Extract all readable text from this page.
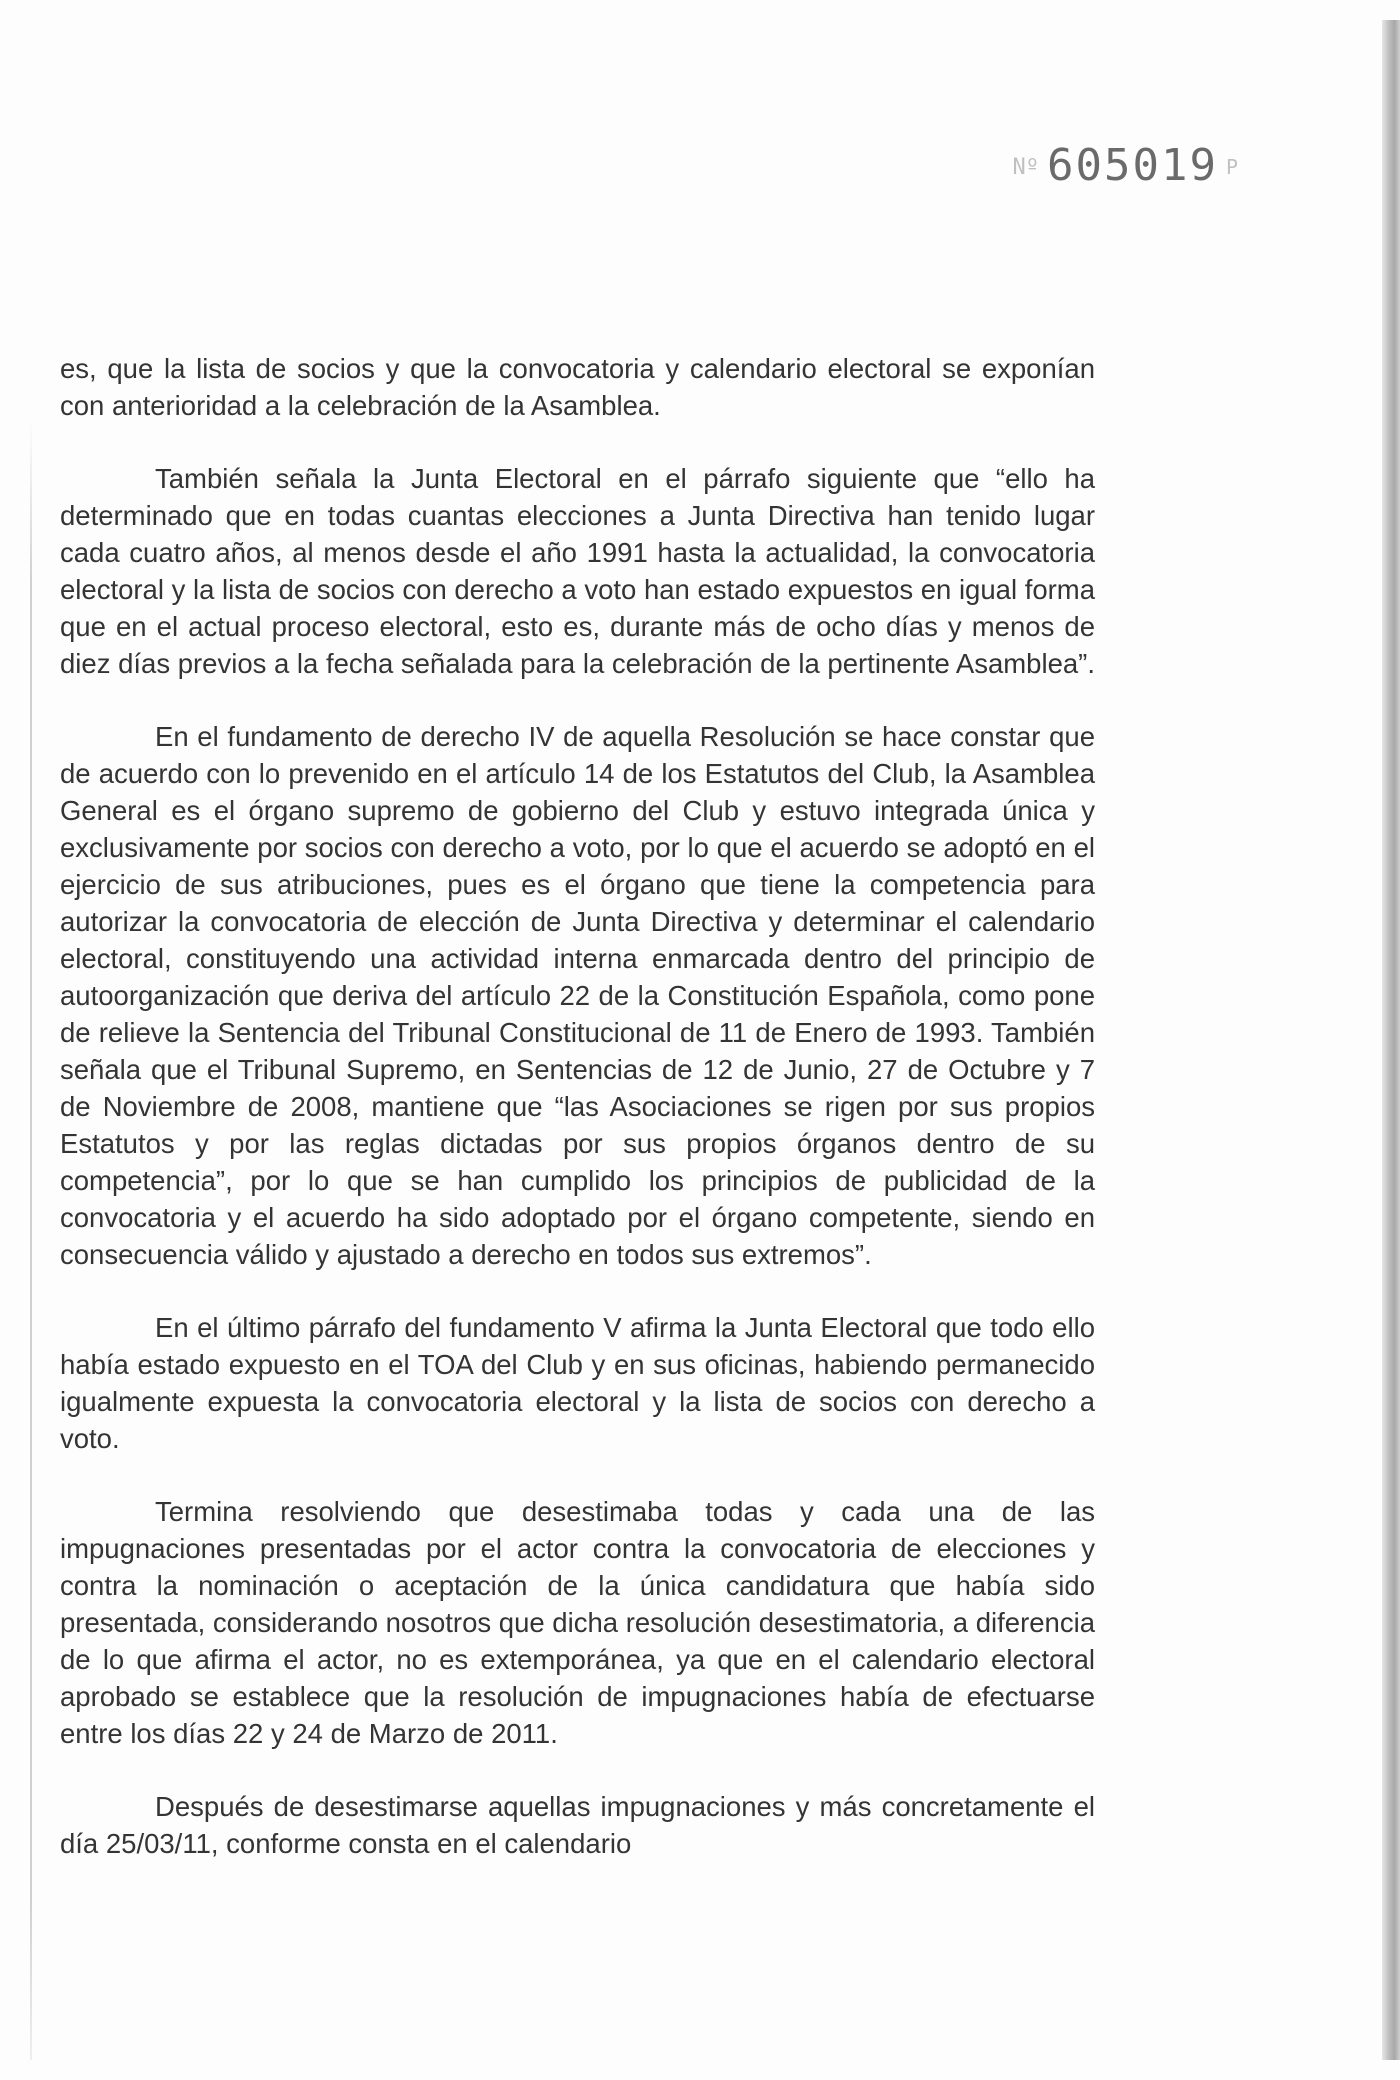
Nº 605019 P

es, que la lista de socios y que la convocatoria y calendario electoral se exponían con anterioridad a la celebración de la Asamblea.

También señala la Junta Electoral en el párrafo siguiente que “ello ha determinado que en todas cuantas elecciones a Junta Directiva han tenido lugar cada cuatro años, al menos desde el año 1991 hasta la actualidad, la convocatoria electoral y la lista de socios con derecho a voto han estado expuestos en igual forma que en el actual proceso electoral, esto es, durante más de ocho días y menos de diez días previos a la fecha señalada para la celebración de la pertinente Asamblea”.

En el fundamento de derecho IV de aquella Resolución se hace constar que de acuerdo con lo prevenido en el artículo 14 de los Estatutos del Club, la Asamblea General es el órgano supremo de gobierno del Club y estuvo integrada única y exclusivamente por socios con derecho a voto, por lo que el acuerdo se adoptó en el ejercicio de sus atribuciones, pues es el órgano que tiene la competencia para autorizar la convocatoria de elección de Junta Directiva y determinar el calendario electoral, constituyendo una actividad interna enmarcada dentro del principio de autoorganización que deriva del artículo 22 de la Constitución Española, como pone de relieve la Sentencia del Tribunal Constitucional de 11 de Enero de 1993. También señala que el Tribunal Supremo, en Sentencias de 12 de Junio, 27 de Octubre y 7 de Noviembre de 2008, mantiene que “las Asociaciones se rigen por sus propios Estatutos y por las reglas dictadas por sus propios órganos dentro de su competencia”, por lo que se han cumplido los principios de publicidad de la convocatoria y el acuerdo ha sido adoptado por el órgano competente, siendo en consecuencia válido y ajustado a derecho en todos sus extremos”.

En el último párrafo del fundamento V afirma la Junta Electoral que todo ello había estado expuesto en el TOA del Club y en sus oficinas, habiendo permanecido igualmente expuesta la convocatoria electoral y la lista de socios con derecho a voto.

Termina resolviendo que desestimaba todas y cada una de las impugnaciones presentadas por el actor contra la convocatoria de elecciones y contra la nominación o aceptación de la única candidatura que había sido presentada, considerando nosotros que dicha resolución desestimatoria, a diferencia de lo que afirma el actor, no es extemporánea, ya que en el calendario electoral aprobado se establece que la resolución de impugnaciones había de efectuarse entre los días 22 y 24 de Marzo de 2011.

Después de desestimarse aquellas impugnaciones y más concretamente el día 25/03/11, conforme consta en el calendario
